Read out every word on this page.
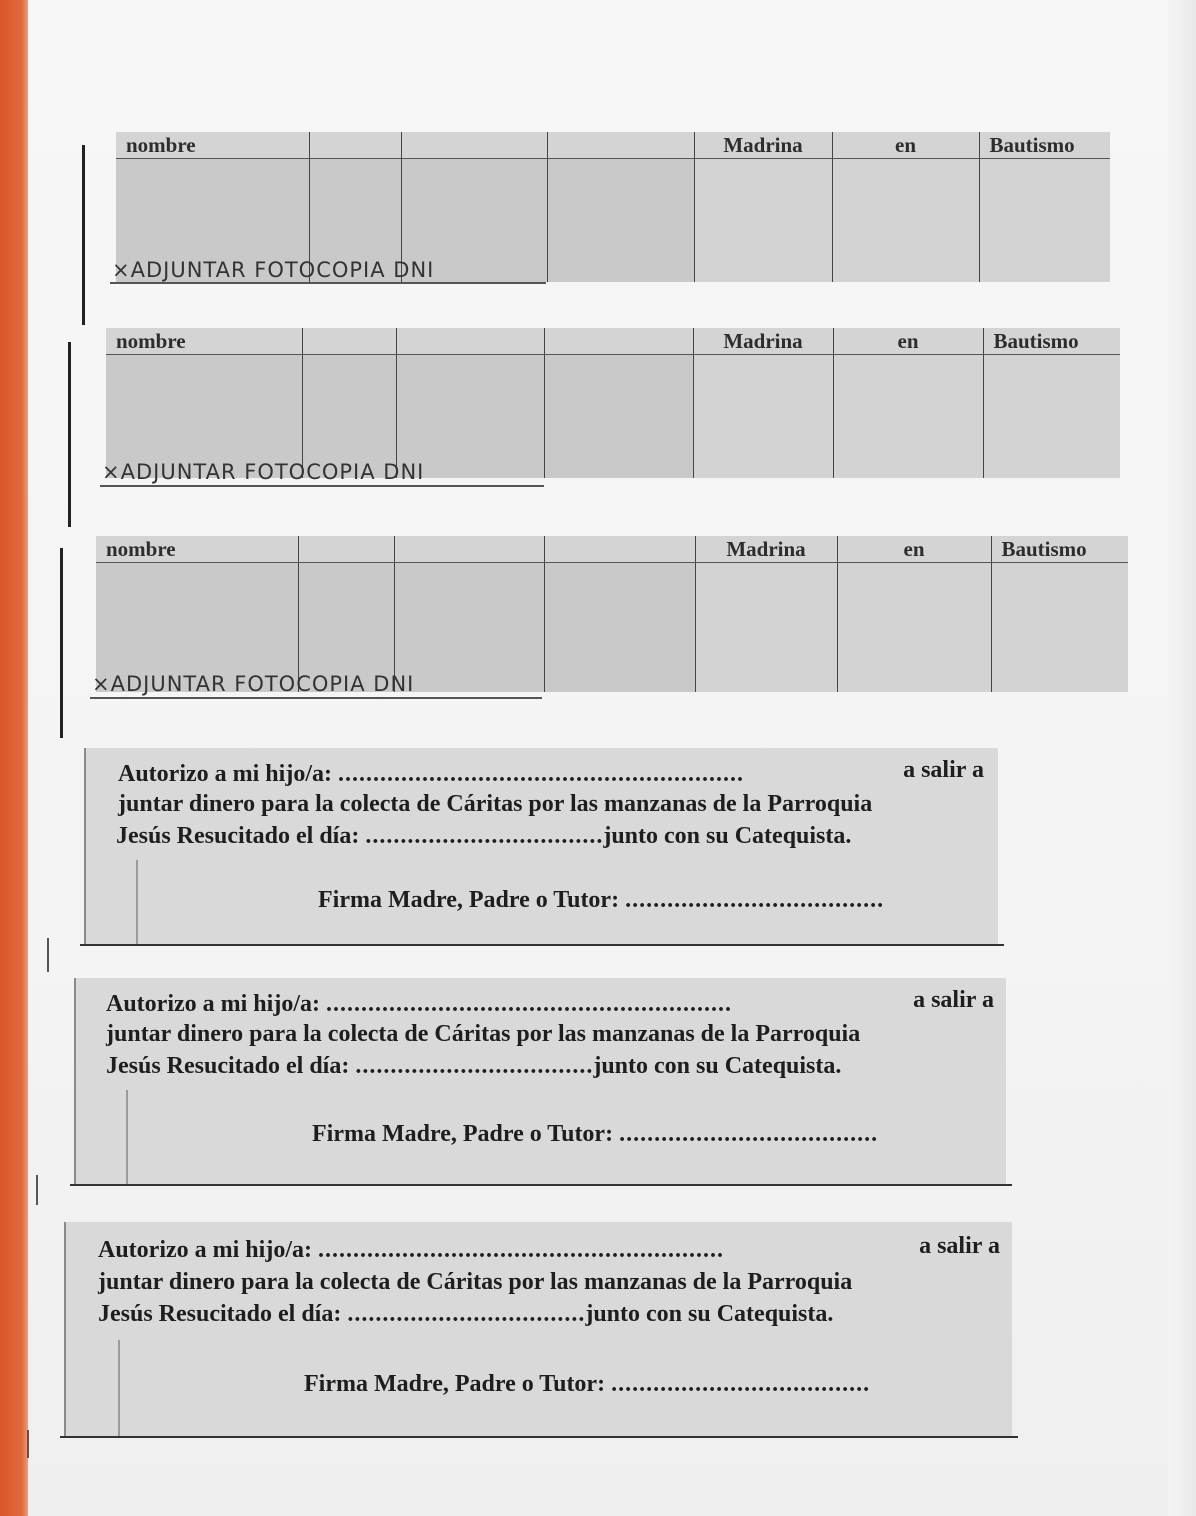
nombre				Madrina	en	Bautismo

×ADJUNTAR FOTOCOPIA DNI
nombre				Madrina	en	Bautismo

×ADJUNTAR FOTOCOPIA DNI
nombre				Madrina	en	Bautismo

×ADJUNTAR FOTOCOPIA DNI
Autorizo a mi hijo/a: ..........................................................	a salir a
juntar dinero para la colecta de Cáritas por las manzanas de la Parroquia
Jesús Resucitado el día: ..................................junto con su Catequista.
Firma Madre, Padre o Tutor: .....................................
Autorizo a mi hijo/a: ..........................................................	a salir a
juntar dinero para la colecta de Cáritas por las manzanas de la Parroquia
Jesús Resucitado el día: ..................................junto con su Catequista.
Firma Madre, Padre o Tutor: .....................................
Autorizo a mi hijo/a: ..........................................................	a salir a
juntar dinero para la colecta de Cáritas por las manzanas de la Parroquia
Jesús Resucitado el día: ..................................junto con su Catequista.
Firma Madre, Padre o Tutor: .....................................
